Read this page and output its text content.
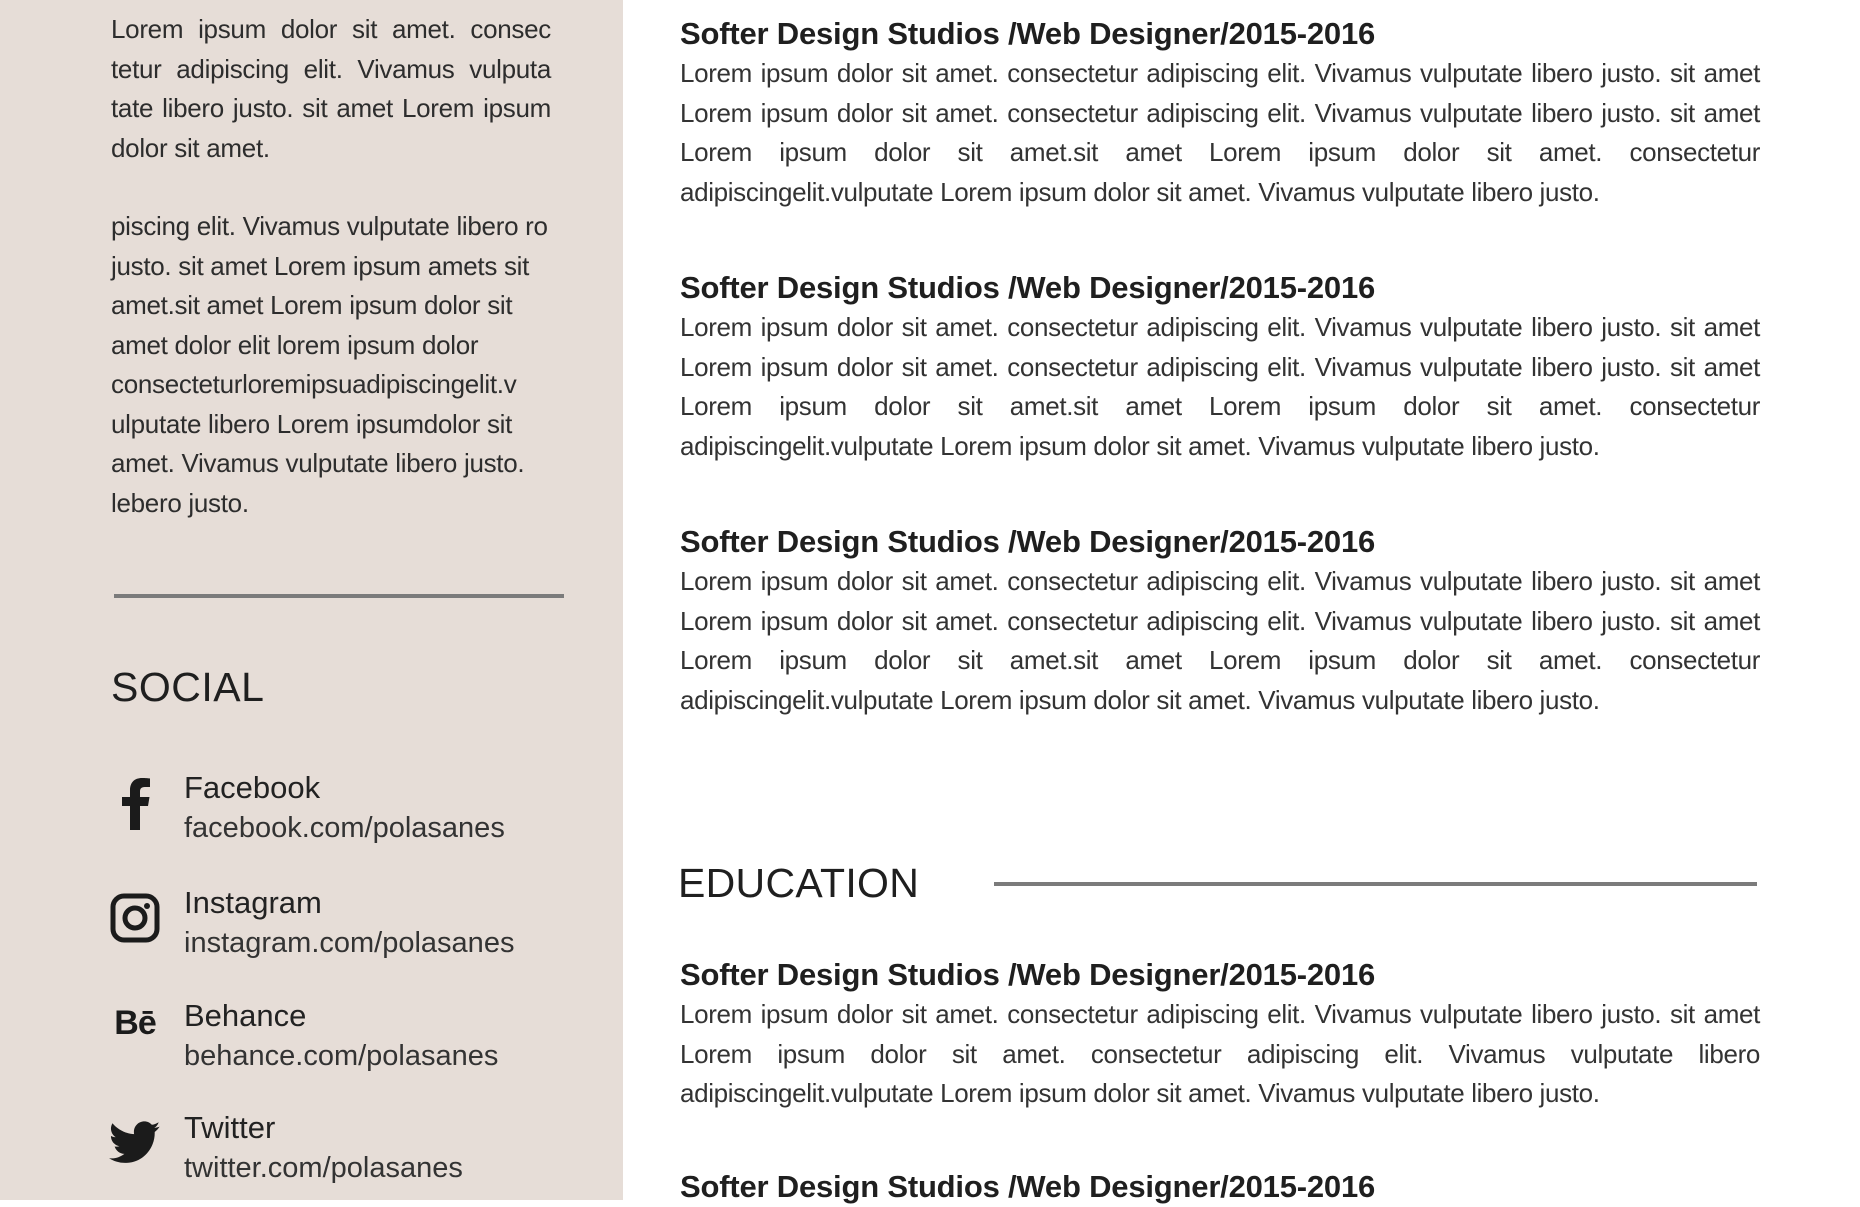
Lorem ipsum dolor sit amet. consec tetur adipiscing elit. Vivamus vulputa tate libero justo. sit amet Lorem ipsum dolor sit amet.

piscing elit. Vivamus vulputate libero ro justo. sit amet Lorem ipsum amets sit amet.sit amet Lorem ipsum dolor sit amet dolor elit lorem ipsum dolor consecteturloremipsuadipiscingelit.v ulputate libero Lorem ipsumdolor sit amet. Vivamus vulputate libero justo. lebero justo.

SOCIAL
Facebook
facebook.com/polasanes
Instagram
instagram.com/polasanes
Bē Behance
behance.com/polasanes
Twitter
twitter.com/polasanes
Softer Design Studios /Web Designer/2015-2016

Lorem ipsum dolor sit amet. consectetur adipiscing elit. Vivamus vulputate libero justo. sit amet Lorem ipsum dolor sit amet. consectetur adipiscing elit. Vivamus vulputate libero justo. sit amet Lorem ipsum dolor sit amet.sit amet Lorem ipsum dolor sit amet. consectetur adipiscingelit.vulputate Lorem ipsum dolor sit amet. Vivamus vulputate libero justo.

Softer Design Studios /Web Designer/2015-2016

Lorem ipsum dolor sit amet. consectetur adipiscing elit. Vivamus vulputate libero justo. sit amet Lorem ipsum dolor sit amet. consectetur adipiscing elit. Vivamus vulputate libero justo. sit amet Lorem ipsum dolor sit amet.sit amet Lorem ipsum dolor sit amet. consectetur adipiscingelit.vulputate Lorem ipsum dolor sit amet. Vivamus vulputate libero justo.

Softer Design Studios /Web Designer/2015-2016

Lorem ipsum dolor sit amet. consectetur adipiscing elit. Vivamus vulputate libero justo. sit amet Lorem ipsum dolor sit amet. consectetur adipiscing elit. Vivamus vulputate libero justo. sit amet Lorem ipsum dolor sit amet.sit amet Lorem ipsum dolor sit amet. consectetur adipiscingelit.vulputate Lorem ipsum dolor sit amet. Vivamus vulputate libero justo.

Softer Design Studios /Web Designer/2015-2016

Lorem ipsum dolor sit amet. consectetur adipiscing elit. Vivamus vulputate libero justo. sit amet Lorem ipsum dolor sit amet. consectetur adipiscing elit. Vivamus vulputate libero adipiscingelit.vulputate Lorem ipsum dolor sit amet. Vivamus vulputate libero justo.

Softer Design Studios /Web Designer/2015-2016
EDUCATION
